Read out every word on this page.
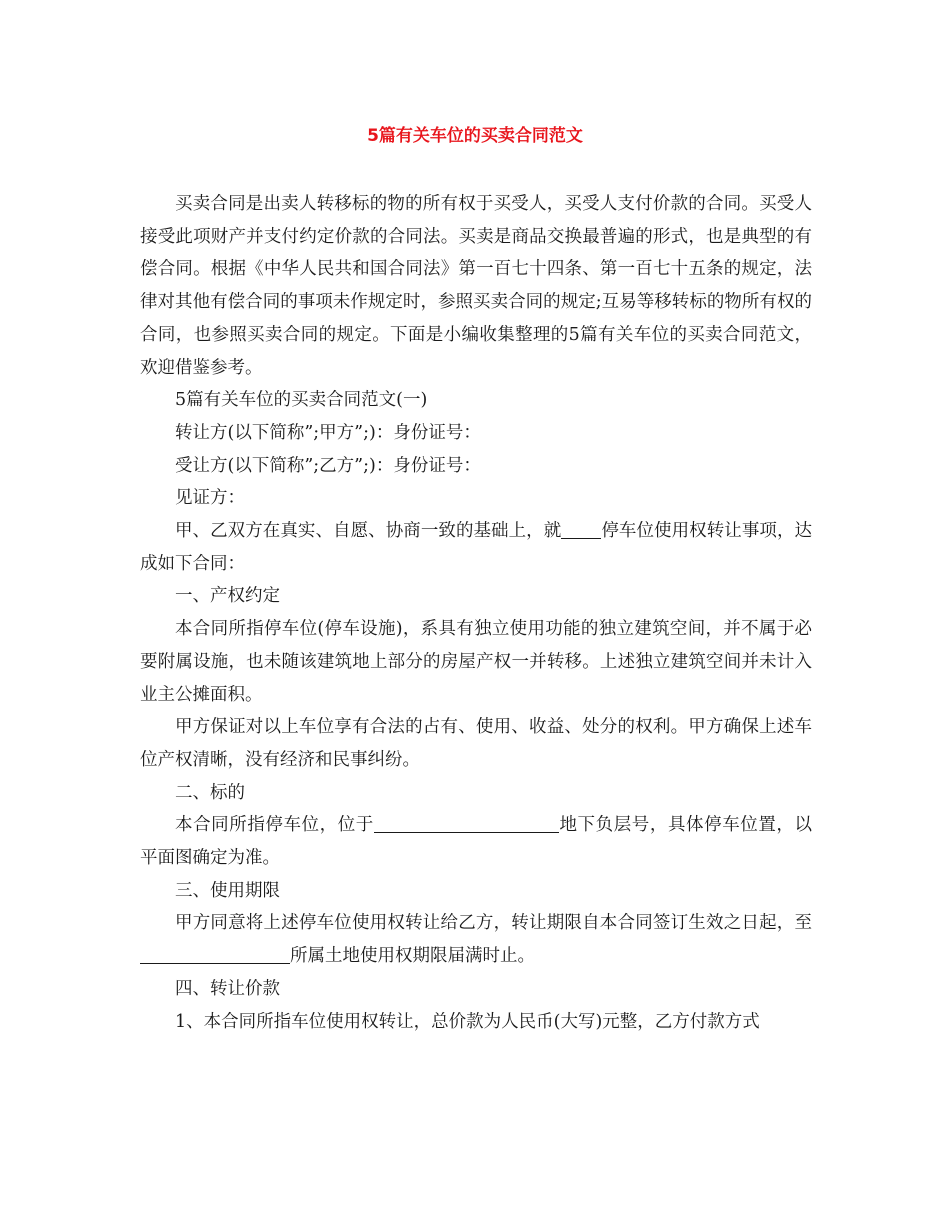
5篇有关车位的买卖合同范文

买卖合同是出卖人转移标的物的所有权于买受人，买受人支付价款的合同。买受人接受此项财产并支付约定价款的合同法。买卖是商品交换最普遍的形式，也是典型的有偿合同。根据《中华人民共和国合同法》第一百七十四条、第一百七十五条的规定，法律对其他有偿合同的事项未作规定时，参照买卖合同的规定;互易等移转标的物所有权的合同，也参照买卖合同的规定。下面是小编收集整理的5篇有关车位的买卖合同范文，欢迎借鉴参考。

5篇有关车位的买卖合同范文(一)

转让方(以下简称”;甲方”;)：身份证号：

受让方(以下简称”;乙方”;)：身份证号：

见证方：

甲、乙双方在真实、自愿、协商一致的基础上，就 停车位使用权转让事项，达成如下合同：

一、产权约定

本合同所指停车位(停车设施)，系具有独立使用功能的独立建筑空间，并不属于必要附属设施，也未随该建筑地上部分的房屋产权一并转移。上述独立建筑空间并未计入业主公摊面积。

甲方保证对以上车位享有合法的占有、使用、收益、处分的权利。甲方确保上述车位产权清晰，没有经济和民事纠纷。

二、标的

本合同所指停车位，位于	地下负层号，具体停车位置，以平面图确定为准。

三、使用期限

甲方同意将上述停车位使用权转让给乙方，转让期限自本合同签订生效之日起，至所属土地使用权期限届满时止。

四、转让价款

1、本合同所指车位使用权转让，总价款为人民币(大写)元整，乙方付款方式
